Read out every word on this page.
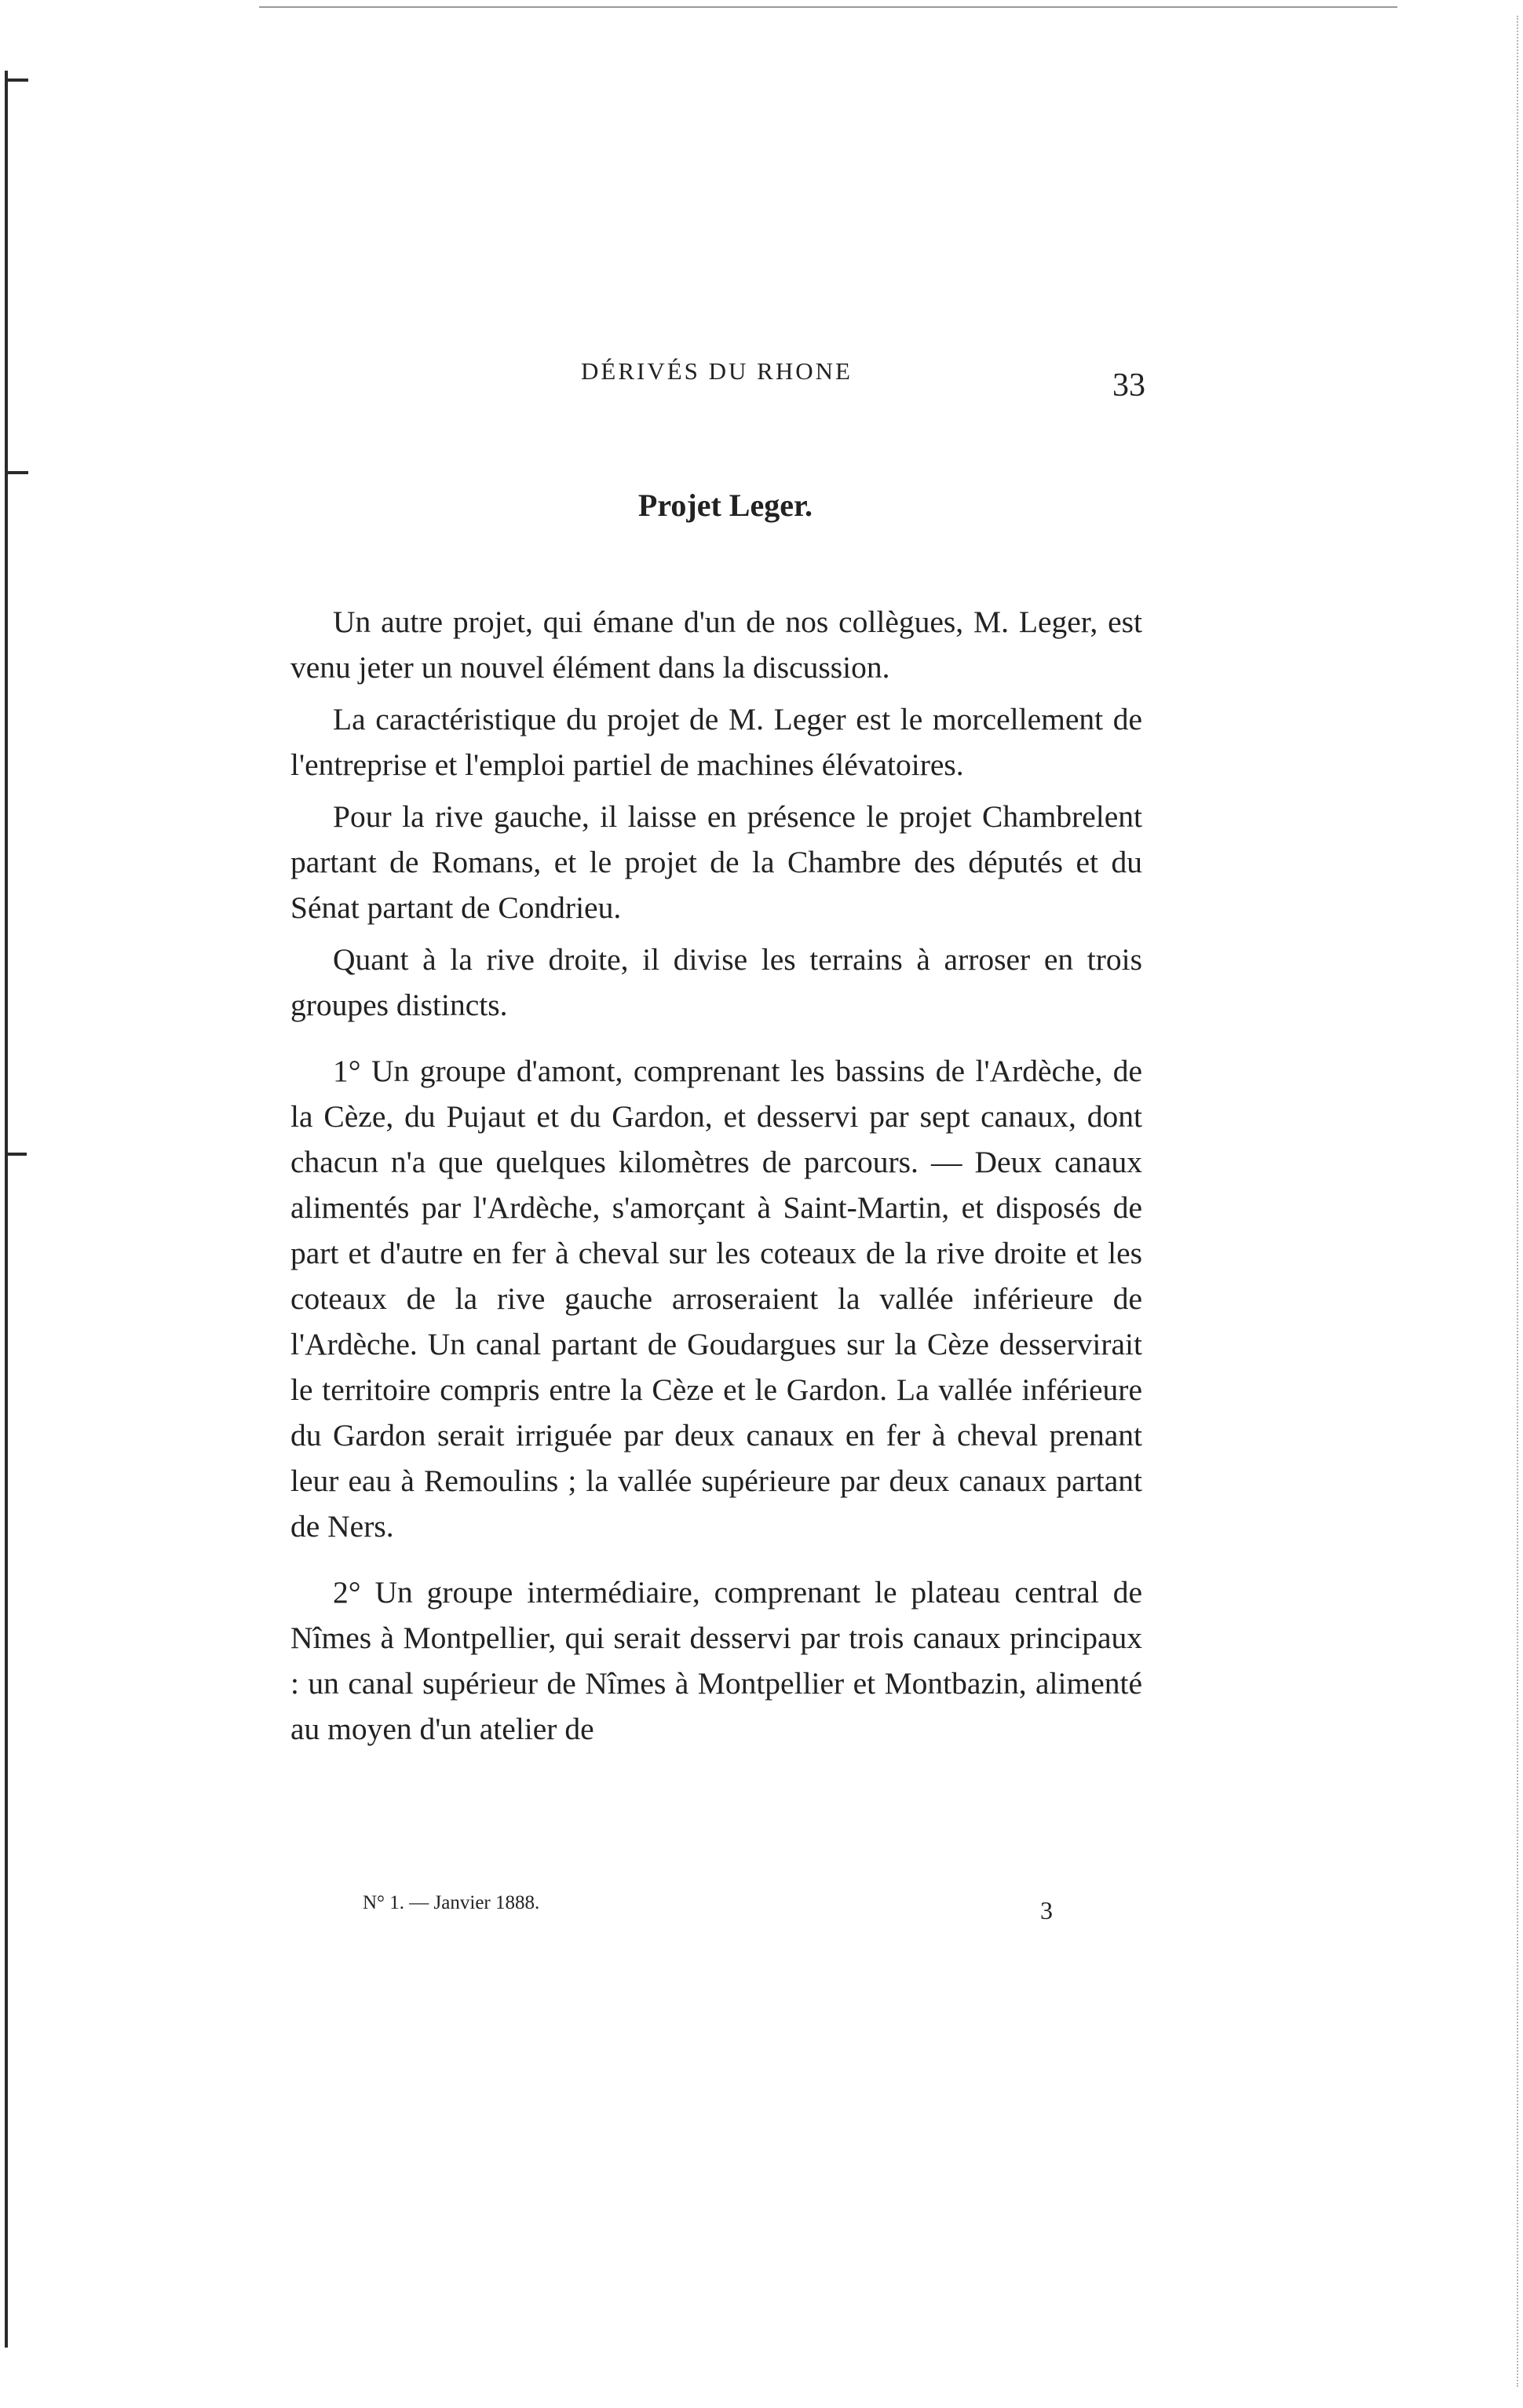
DÉRIVÉS DU RHONE	33
Projet Leger.

Un autre projet, qui émane d'un de nos collègues, M. Leger, est venu jeter un nouvel élément dans la discussion.

La caractéristique du projet de M. Leger est le morcellement de l'entreprise et l'emploi partiel de machines élévatoires.

Pour la rive gauche, il laisse en présence le projet Chambrelent partant de Romans, et le projet de la Chambre des députés et du Sénat partant de Condrieu.

Quant à la rive droite, il divise les terrains à arroser en trois groupes distincts.

1° Un groupe d'amont, comprenant les bassins de l'Ardèche, de la Cèze, du Pujaut et du Gardon, et desservi par sept canaux, dont chacun n'a que quelques kilomètres de parcours. — Deux canaux alimentés par l'Ardèche, s'amorçant à Saint-Martin, et disposés de part et d'autre en fer à cheval sur les coteaux de la rive droite et les coteaux de la rive gauche arroseraient la vallée inférieure de l'Ardèche. Un canal partant de Goudargues sur la Cèze desservirait le territoire compris entre la Cèze et le Gardon. La vallée inférieure du Gardon serait irriguée par deux canaux en fer à cheval prenant leur eau à Remoulins ; la vallée supérieure par deux canaux partant de Ners.

2° Un groupe intermédiaire, comprenant le plateau central de Nîmes à Montpellier, qui serait desservi par trois canaux principaux : un canal supérieur de Nîmes à Montpellier et Montbazin, alimenté au moyen d'un atelier de

N° 1. — Janvier 1888.	3
